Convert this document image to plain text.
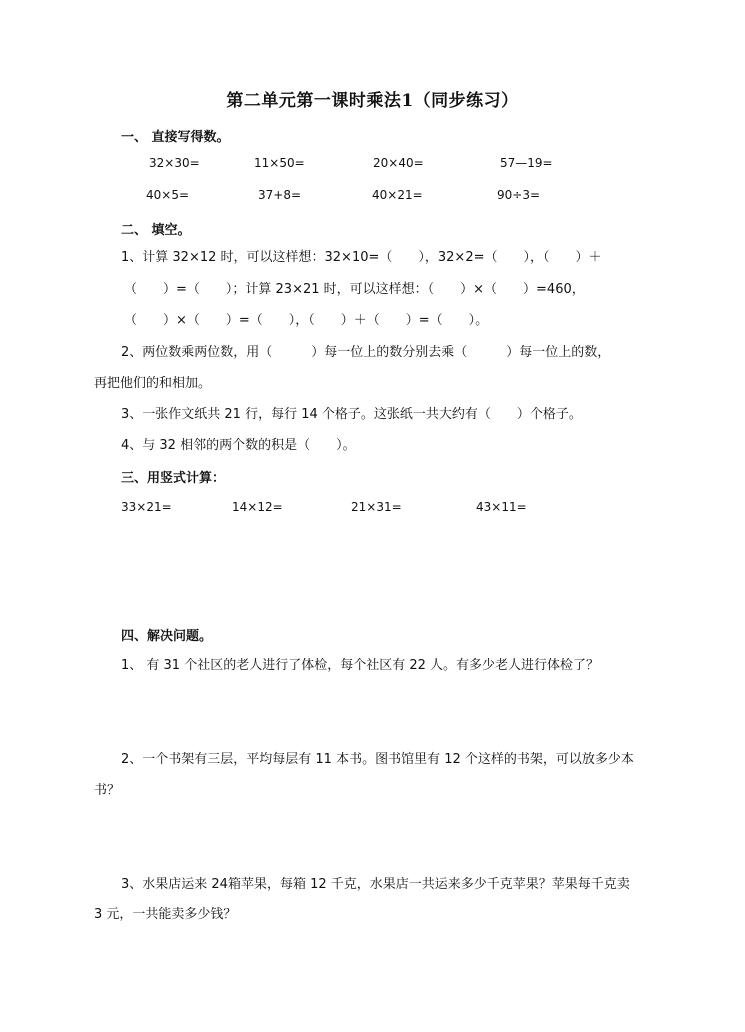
第二单元第一课时乘法1（同步练习）
一、 直接写得数。
32×30=	11×50=	20×40=	57—19=
40×5=	37+8=	40×21=	90÷3=
二、 填空。
1、计算 32×12 时，可以这样想：32×10=（　　），32×2=（　　），（　　）＋
（　　）=（　　）；计算 23×21 时，可以这样想：（　　）×（　　）=460，
（　　）×（　　）=（　　），（　　）＋（　　）=（　　）。
2、两位数乘两位数，用（　　　）每一位上的数分别去乘（　　　）每一位上的数，
再把他们的和相加。
3、一张作文纸共 21 行，每行 14 个格子。这张纸一共大约有（　　）个格子。
4、与 32 相邻的两个数的积是（　　）。
三、用竖式计算：
33×21=	14×12=	21×31=	43×11=
四、解决问题。
1、 有 31 个社区的老人进行了体检，每个社区有 22 人。有多少老人进行体检了？
2、一个书架有三层，平均每层有 11 本书。图书馆里有 12 个这样的书架，可以放多少本
书？
3、水果店运来 24箱苹果，每箱 12 千克，水果店一共运来多少千克苹果？苹果每千克卖
3 元，一共能卖多少钱？
